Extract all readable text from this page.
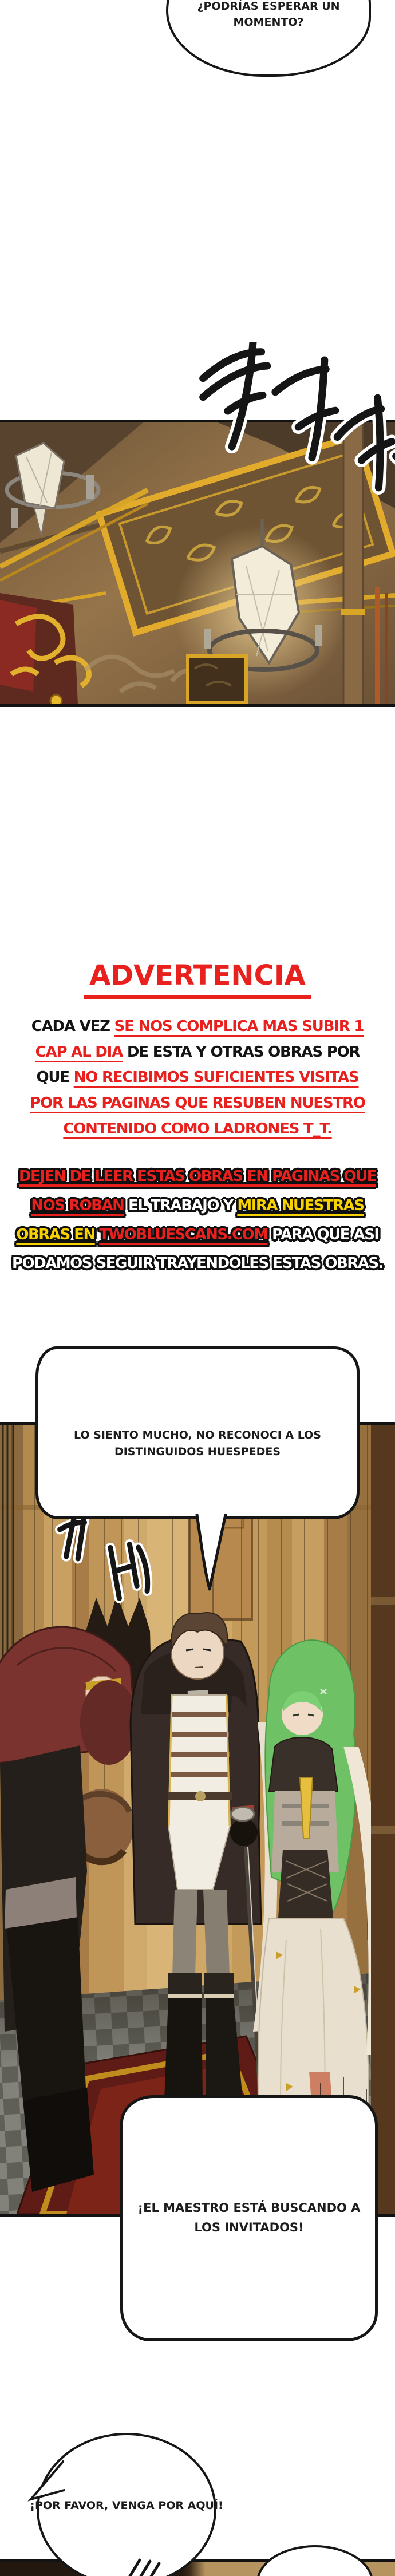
¿PODRÍAS ESPERAR UN
MOMENTO?
ADVERTENCIA
CADA VEZ SE NOS COMPLICA MAS SUBIR 1
CAP AL DIA DE ESTA Y OTRAS OBRAS POR
QUE NO RECIBIMOS SUFICIENTES VISITAS
POR LAS PAGINAS QUE RESUBEN NUESTRO
CONTENIDO COMO LADRONES T_T.
DEJEN DE LEER ESTAS OBRAS EN PAGINAS QUE
NOS ROBAN EL TRABAJO Y MIRA NUESTRAS
OBRAS EN TWOBLUESCANS.COM PARA QUE ASI
PODAMOS SEGUIR TRAYENDOLES ESTAS OBRAS.
LO SIENTO MUCHO, NO RECONOCI A LOS
DISTINGUIDOS HUESPEDES
¡EL MAESTRO ESTÁ BUSCANDO A
LOS INVITADOS!
¡POR FAVOR, VENGA POR AQUÍ!
